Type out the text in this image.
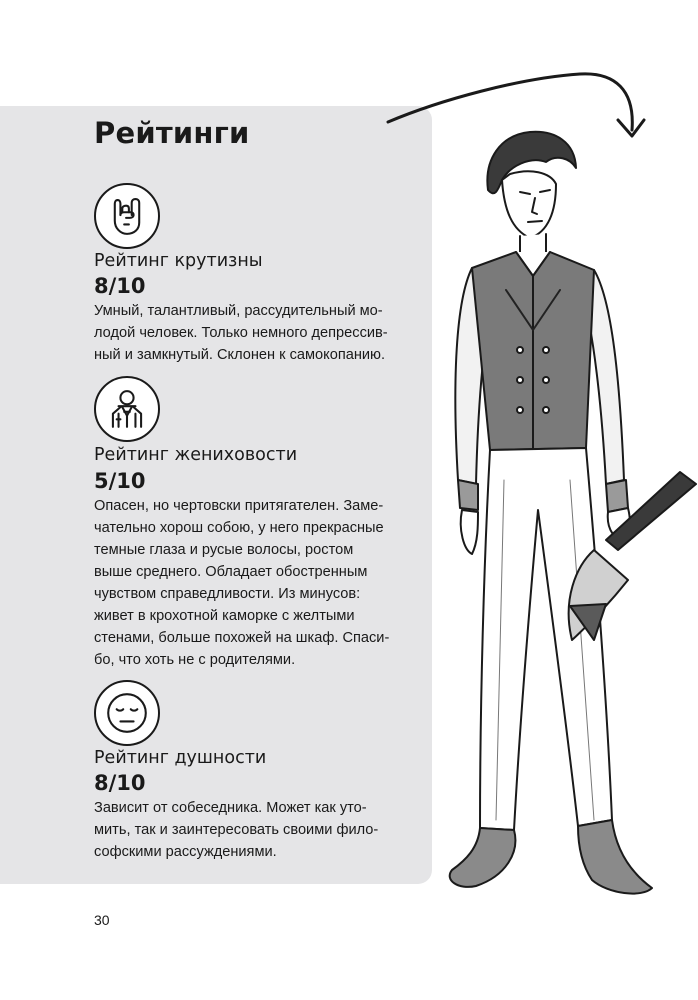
Рейтинги
Рейтинг крутизны
8/10

Умный, талантливый, рассудительный мо-
лодой человек. Только немного депрессив-
ный и замкнутый. Склонен к самокопанию.

Рейтинг жениховости
5/10

Опасен, но чертовски притягателен. Заме-
чательно хорош собою, у него прекрасные
темные глаза и русые волосы, ростом
выше среднего. Обладает обостренным
чувством справедливости. Из минусов:
живет в крохотной каморке с желтыми
стенами, больше похожей на шкаф. Спаси-
бо, что хоть не с родителями.

Рейтинг душности
8/10

Зависит от собеседника. Может как уто-
мить, так и заинтересовать своими фило-
софскими рассуждениями.

30
